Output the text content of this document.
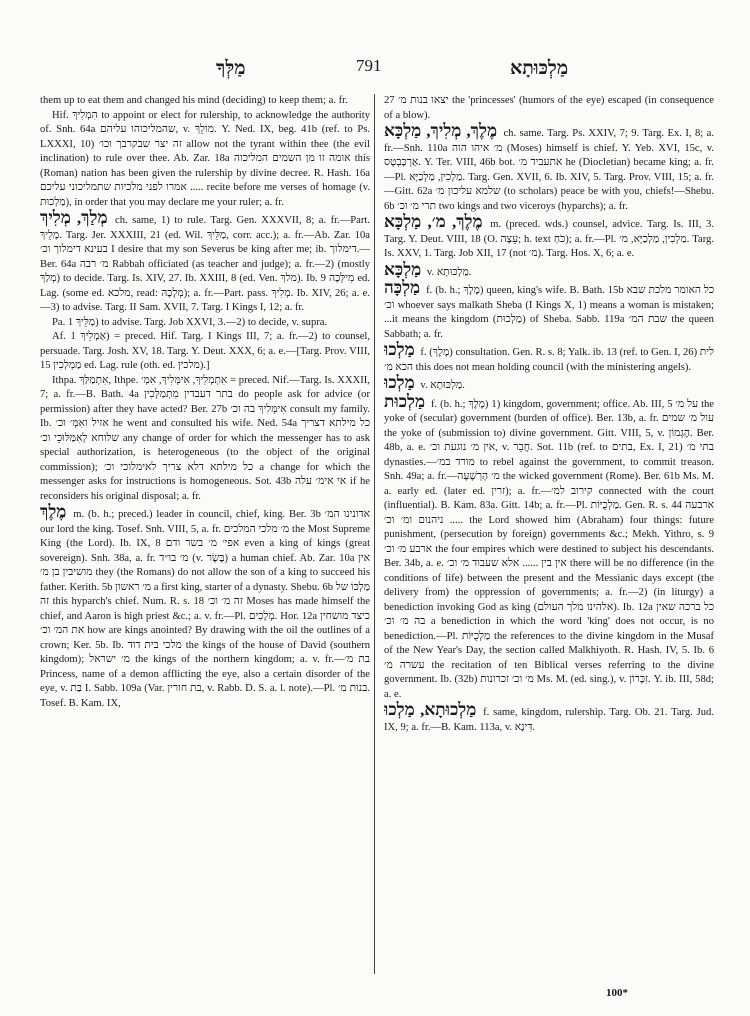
מַלְּךָ	791	מַלְכּוּתָא

them up to eat them and changed his mind (deciding) to keep them; a. fr.

Hif. הִמְלִיךְ to appoint or elect for rulership, to acknowledge the authority of. Snh. 64a שהמליכוהו עליהם, v. מוֹלֵךְ. Y. Ned. IX, beg. 41b (ref. to Ps. LXXXI, 10) זה יצר שבקרבך וכו׳ allow not the tyrant within thee (the evil inclination) to rule over thee. Ab. Zar. 18a אומה זו מן השמים המליכוה this (Roman) nation has been given the rulership by divine decree. R. Hash. 16a אמרו לפני מלכיות שתמליכוני עליכם ..... recite before me verses of homage (v. מַלְכוּת), in order that you may declare me your ruler; a. fr.

מְלַךְ, מְלִיךְ ch. same, 1) to rule. Targ. Gen. XXXVII, 8; a. fr.—Part. מָלֵיךְ. Targ. Jer. XXXIII, 21 (ed. Wil. מַלֵּיךְ, corr. acc.); a. fr.—Ab. Zar. 10a בעינא דימלוך וכ׳ I desire that my son Severus be king after me; ib. דימלוך.—Ber. 64a מ׳ רבה Rabbah officiated (as teacher and judge); a. fr.—2) (mostly מְלַךְ) to decide. Targ. Is. XIV, 27. Ib. XXIII, 8 (ed. Ven. מלךְ). Ib. 9 מִילְּכָה ed. Lag. (some ed. מלכא, read: מְלָכָהּ); a. fr.—Part. pass. מְלִיךְ. Ib. XIV, 26; a. e.—3) to advise. Targ. II Sam. XVII, 7. Targ. I Kings I, 12; a. fr.

Pa. מַלֵּיךְ 1) to advise. Targ. Job XXVI, 3.—2) to decide, v. supra.

Af. אַמְלֵיךְ 1) = preced. Hif. Targ. I Kings III, 7; a. fr.—2) to counsel, persuade. Targ. Josh. XV, 18. Targ. Y. Deut. XXX, 6; a. e.—[Targ. Prov. VIII, 15 מַמְלְכִין ed. Lag. rule (oth. ed. מלכין).]

Ithpa. אִתְמַלַּךְ, Ithpe. אִתְמְלִיךְ, אִימְּלִיךְ, אִמְּ׳ = preced. Nif.—Targ. Is. XXXII, 7; a. fr.—B. Bath. 4a בתר דעבדין מִתְמַלְּכִין do people ask for advice (or permission) after they have acted? Ber. 27b אִימְּלִיךְ בה וכ׳ consult my family. Ib. אזיל ואִמְּ׳ וכ׳ he went and consulted his wife. Ned. 54a כל מילתא דצריך שלוחא לְאִמַּלּוּכֵי וכ׳ any change of order for which the messenger has to ask special authorization, is heterogeneous (to the object of the original commission); כל מילתא דלא צריך לאימלוכי וכ׳ a change for which the messenger asks for instructions is homogeneous. Sot. 43b אי אימ׳ עלה if he reconsiders his original disposal; a. fr.

מֶלֶךְ m. (b. h.; preced.) leader in council, chief, king. Ber. 3b אדונינו המ׳ our lord the king. Tosef. Snh. VIII, 5, a. fr. מ׳ מלכי המלכים the Most Supreme King (the Lord). Ib. IX, 8 אפי׳ מ׳ בשר ודם even a king of kings (great sovereign). Snh. 38a, a. fr. מ׳ בו״ד (v. בָּשָׂר) a human chief. Ab. Zar. 10a אין מושיבין בן מ׳ they (the Romans) do not allow the son of a king to succeed his father. Kerith. 5b מ׳ ראשון a first king, starter of a dynasty. Shebu. 6b מַלְכּוֹ של זה this hyparch's chief. Num. R. s. 18 זה מ׳ וכ׳ Moses has made himself the chief, and Aaron is high priest &c.; a. v. fr.—Pl. מְלָכִים. Hor. 12a כיצד מושחין את המ׳ וכ׳ how are kings anointed? By drawing with the oil the outlines of a crown; Ker. 5b. Ib. מלכי בית דוד the kings of the house of David (southern kingdom); מ׳ ישראל the kings of the northern kingdom; a. v. fr.—בת מ׳ Princess, name of a demon afflicting the eye, also a certain disorder of the eye, v. בַּת I. Sabb. 109a (Var. בת חורין, v. Rabb. D. S. a. l. note).—Pl. בנות מ׳. Tosef. B. Kam. IX,

27 יצאו בנות מ׳ the 'princesses' (humors of the eye) escaped (in consequence of a blow).

מֶלֶךְ, מְלִיךְ, מַלְכָּא ch. same. Targ. Ps. XXIV, 7; 9. Targ. Ex. I, 8; a. fr.—Snh. 110a מ׳ איהו הוה (Moses) himself is chief. Y. Yeb. XVI, 15c, v. אַרְכָּבְטָס. Y. Ter. VIII, 46b bot. אתעביד מ׳ he (Diocletian) became king; a. fr.—Pl. מַלְכִין, מַלְכַיָּא. Targ. Gen. XVII, 6. Ib. XIV, 5. Targ. Prov. VIII, 15; a. fr.—Gitt. 62a שלמא עליכון מ׳ (to scholars) peace be with you, chiefs!—Shebu. 6b תרי מ׳ וכ׳ two kings and two viceroys (hyparchs); a. fr.

מֶלֶךְ, מ׳, מַלְכָּא m. (preced. wds.) counsel, advice. Targ. Is. III, 3. Targ. Y. Deut. VIII, 18 (O. עֵצָה; h. text כֹּחַ); a. fr.—Pl. מַלְכִין, מַלְכַיָּא, מ׳. Targ. Is. XXV, 1. Targ. Job XII, 17 (not מ׳). Targ. Hos. X, 6; a. e.

מַלְכָּא v. מַלְכּוּתָא.

מַלְכָּה f. (b. h.; מֶלֶךְ) queen, king's wife. B. Bath. 15b כל האומר מלכת שבא וכ׳ whoever says malkath Sheba (I Kings X, 1) means a woman is mistaken; ...it means the kingdom (מַלְכוּת) of Sheba. Sabb. 119a שבת המ׳ the queen Sabbath; a. fr.

מַלְכוּ f. (מֶלֶךְ) consultation. Gen. R. s. 8; Yalk. ib. 13 (ref. to Gen. I, 26) לית הכא מ׳ this does not mean holding council (with the ministering angels).

מַלְכוּ v. מַלְכּוּתָא.

מַלְכוּת f. (b. h.; מֶלֶךְ) 1) kingdom, government; office. Ab. III, 5 על מ׳ the yoke of (secular) government (burden of office). Ber. 13b, a. fr. עול מ׳ שמים the yoke of (submission to) divine government. Gitt. VIII, 5, v. הֶגְמוֹן. Ber. 48b, a. e. אין מ׳ נוגעת וכ׳, v. חֲבֵר. Sot. 11b (ref. to בתים, Ex. I, 21) בתי מ׳ dynasties.—מורד במ׳ to rebel against the government, to commit treason. Snh. 49a; a. fr.—מ׳ הָרְשָׁעָה the wicked government (Rome). Ber. 61b Ms. M. a. early ed. (later ed. זרין); a. fr.—קירוב למ׳ connected with the court (influential). B. Kam. 83a. Gitt. 14b; a. fr.—Pl. מַלְכֻיּוֹת. Gen. R. s. 44 ארבעה ..... ניהנום ומ׳ וכ׳ the Lord showed him (Abraham) four things: future punishment, (persecution by foreign) governments &c.; Mekh. Yithro, s. 9 ארבע מ׳ וכ׳ the four empires which were destined to subject his descendants. Ber. 34b, a. e. אין בין ...... אלא שעבוד מ׳ וכ׳ there will be no difference (in the conditions of life) between the present and the Messianic days except (the delivery from) the oppression of governments; a. fr.—2) (in liturgy) a benediction invoking God as king (אלהינו מלך העולם). Ib. 12a כל ברכה שאין בה מ׳ וכ׳ a benediction in which the word 'king' does not occur, is no benediction.—Pl. מַלְכֻיּוֹת the references to the divine kingdom in the Musaf of the New Year's Day, the section called Malkhiyoth. R. Hash. IV, 5. Ib. 6 עשרה מ׳ the recitation of ten Biblical verses referring to the divine government. Ib. (32b) מ׳ וכ׳ זכרונות Ms. M. (ed. sing.), v. זִכָּרוֹן. Y. ib. III, 58d; a. e.

מַלְכוּתָא, מַלְכוּ f. same, kingdom, rulership. Targ. Ob. 21. Targ. Jud. IX, 9; a. fr.—B. Kam. 113a, v. דִּינָא.

100*
